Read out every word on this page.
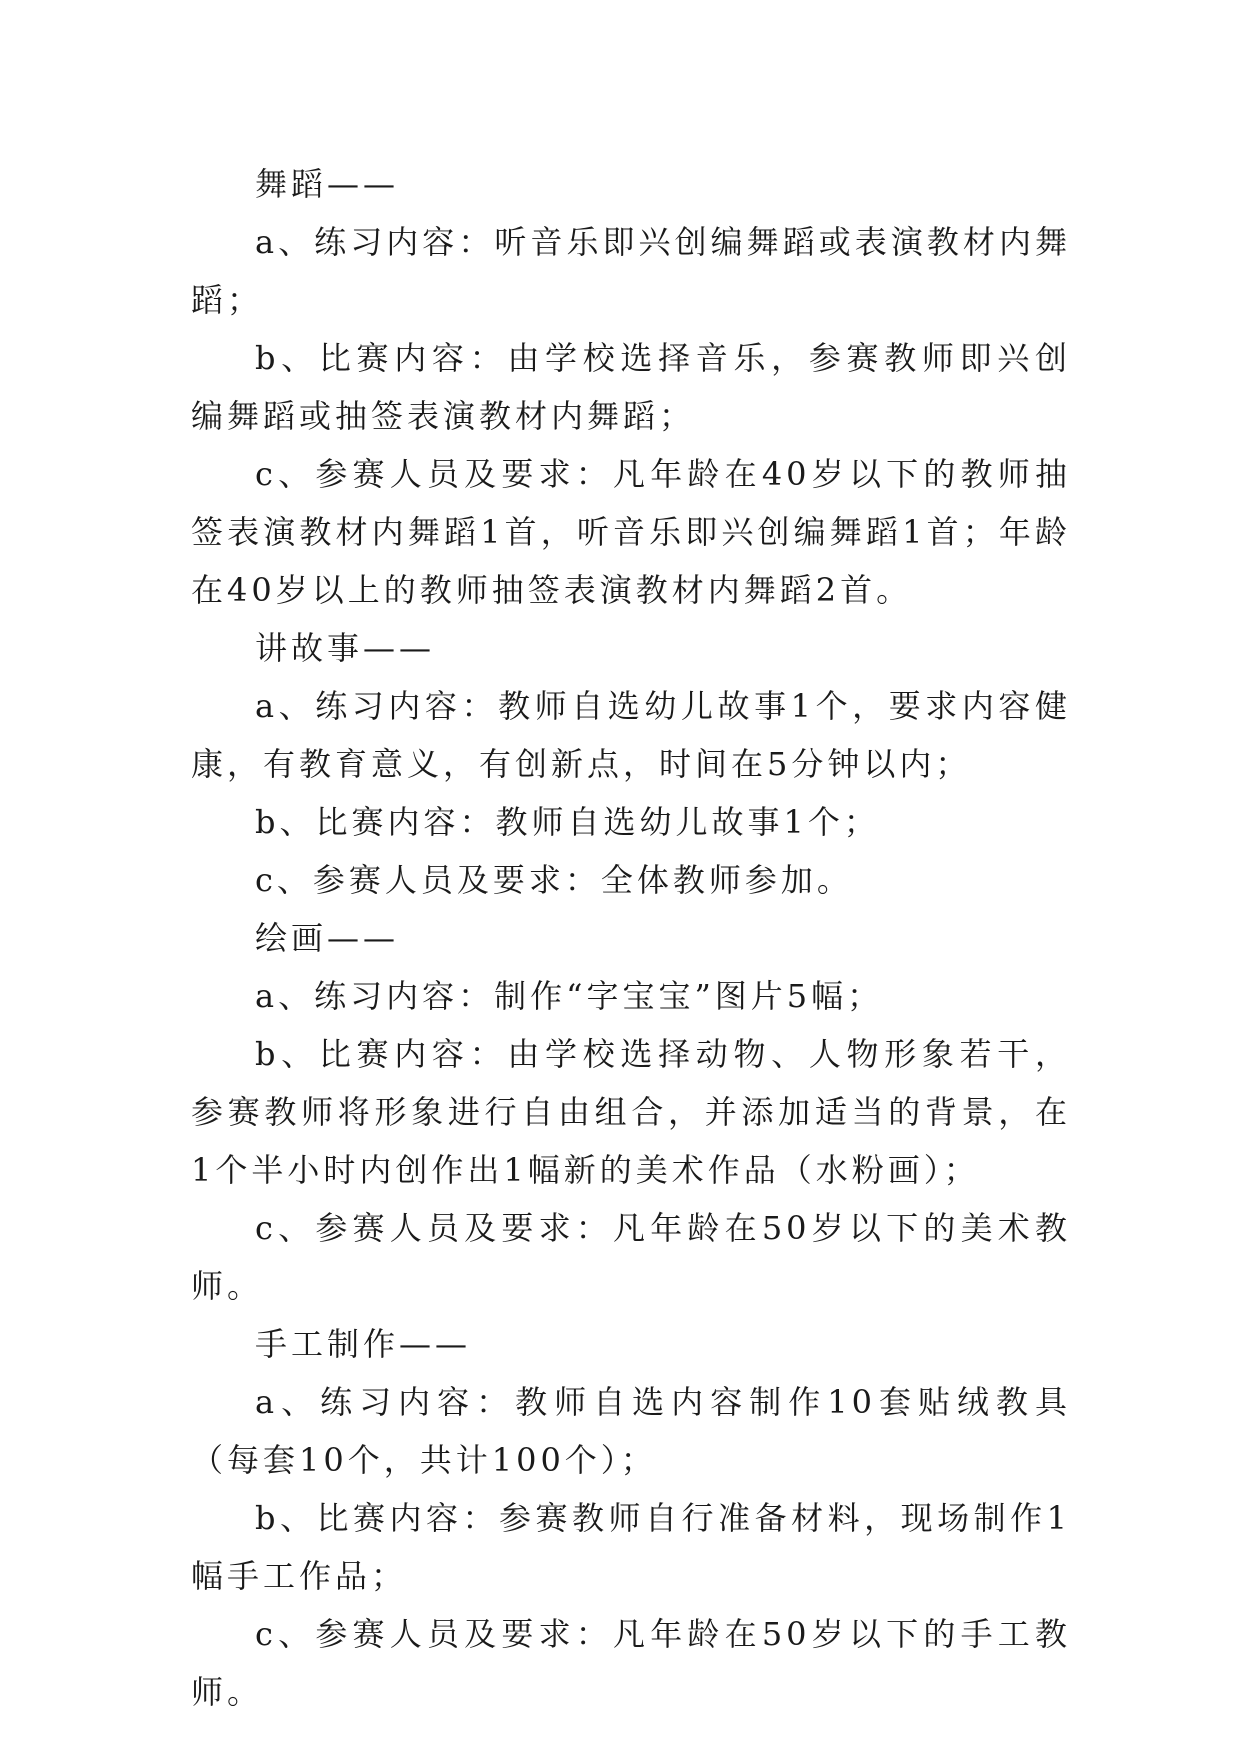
舞蹈——

a、练习内容：听音乐即兴创编舞蹈或表演教材内舞蹈；

b、比赛内容：由学校选择音乐，参赛教师即兴创编舞蹈或抽签表演教材内舞蹈；

c、参赛人员及要求：凡年龄在40岁以下的教师抽签表演教材内舞蹈1首，听音乐即兴创编舞蹈1首；年龄在40岁以上的教师抽签表演教材内舞蹈2首。

讲故事——

a、练习内容：教师自选幼儿故事1个，要求内容健康，有教育意义，有创新点，时间在5分钟以内；

b、比赛内容：教师自选幼儿故事1个；

c、参赛人员及要求：全体教师参加。

绘画——

a、练习内容：制作“字宝宝”图片5幅；

b、比赛内容：由学校选择动物、人物形象若干，参赛教师将形象进行自由组合，并添加适当的背景，在1个半小时内创作出1幅新的美术作品（水粉画）；

c、参赛人员及要求：凡年龄在50岁以下的美术教师。

手工制作——

a、练习内容：教师自选内容制作10套贴绒教具（每套10个，共计100个）；

b、比赛内容：参赛教师自行准备材料，现场制作1幅手工作品；

c、参赛人员及要求：凡年龄在50岁以下的手工教师。
